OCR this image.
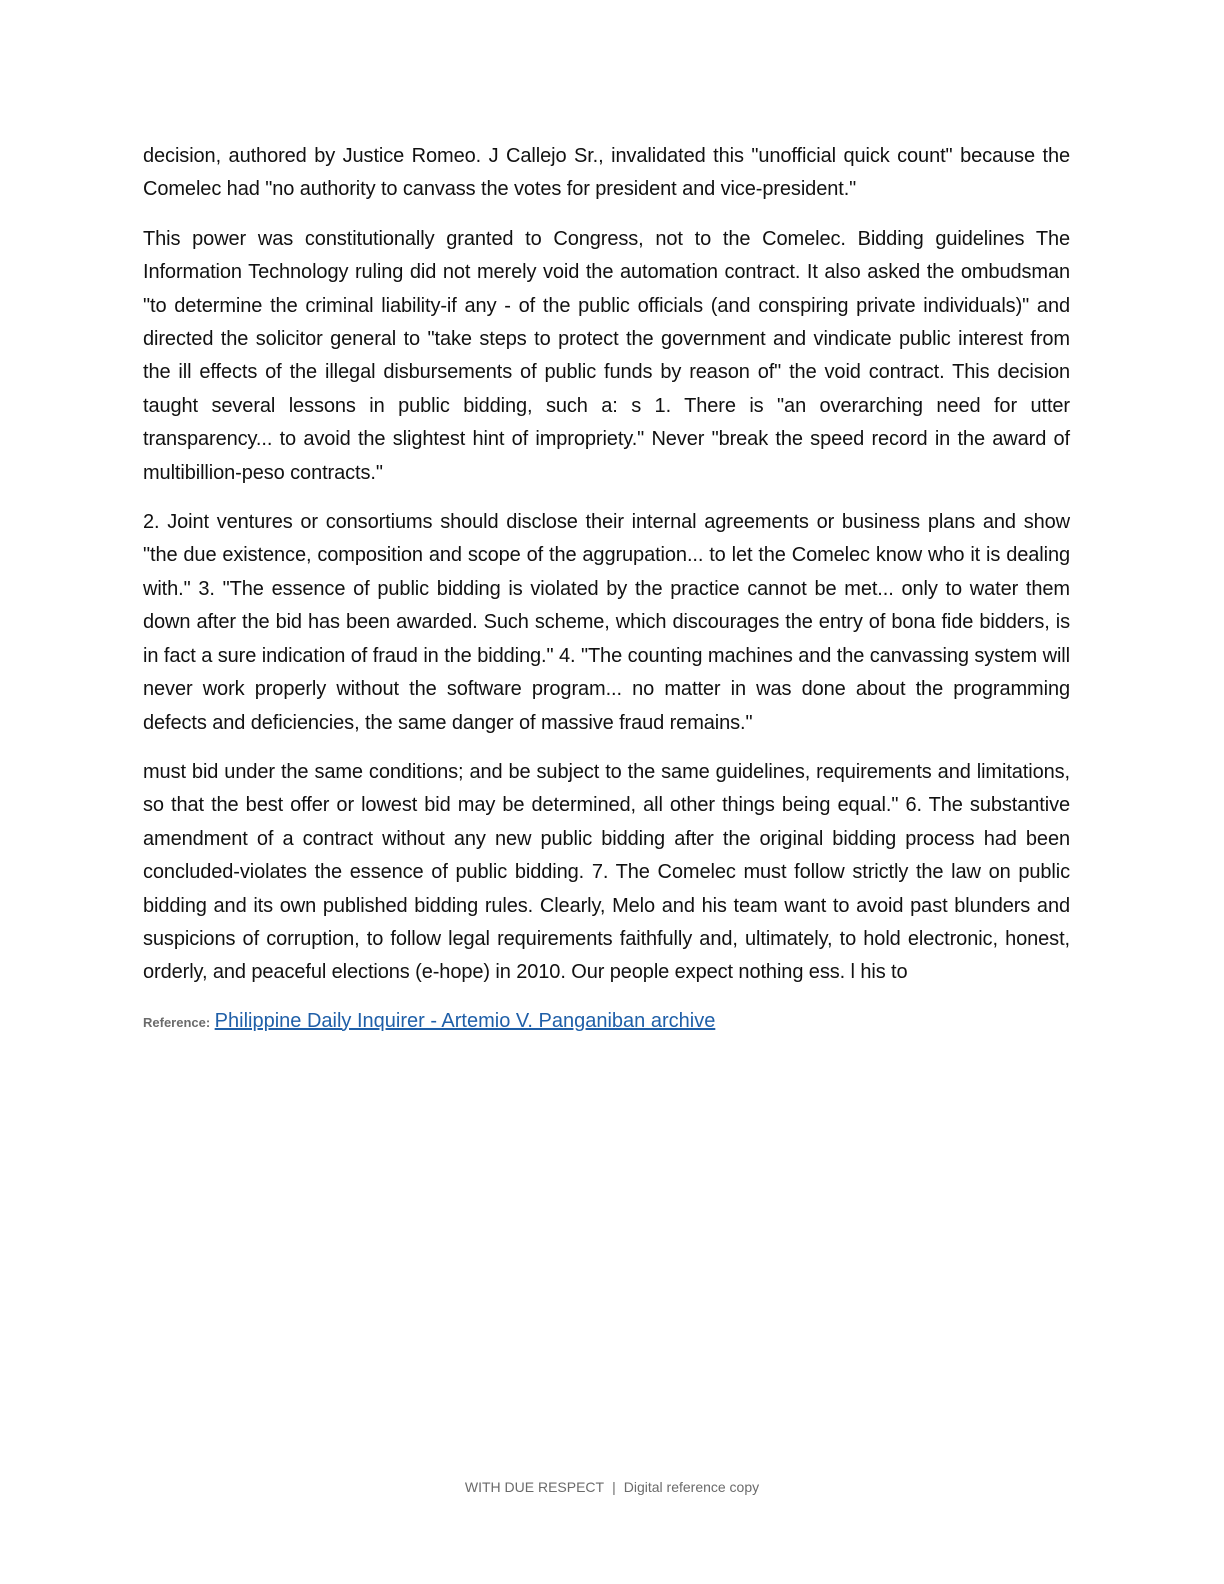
decision, authored by Justice Romeo. J Callejo Sr., invalidated this "unofficial quick count" because the Comelec had "no authority to canvass the votes for president and vice-president."

This power was constitutionally granted to Congress, not to the Comelec. Bidding guidelines The Information Technology ruling did not merely void the automation contract. It also asked the ombudsman "to determine the criminal liability-if any - of the public officials (and conspiring private individuals)" and directed the solicitor general to "take steps to protect the government and vindicate public interest from the ill effects of the illegal disbursements of public funds by reason of" the void contract. This decision taught several lessons in public bidding, such a: s 1. There is "an overarching need for utter transparency... to avoid the slightest hint of impropriety." Never "break the speed record in the award of multibillion-peso contracts."

2. Joint ventures or consortiums should disclose their internal agreements or business plans and show "the due existence, composition and scope of the aggrupation... to let the Comelec know who it is dealing with." 3. "The essence of public bidding is violated by the practice cannot be met... only to water them down after the bid has been awarded. Such scheme, which discourages the entry of bona fide bidders, is in fact a sure indication of fraud in the bidding." 4. "The counting machines and the canvassing system will never work properly without the software program... no matter in was done about the programming defects and deficiencies, the same danger of massive fraud remains."

must bid under the same conditions; and be subject to the same guidelines, requirements and limitations, so that the best offer or lowest bid may be determined, all other things being equal." 6. The substantive amendment of a contract without any new public bidding after the original bidding process had been concluded-violates the essence of public bidding. 7. The Comelec must follow strictly the law on public bidding and its own published bidding rules. Clearly, Melo and his team want to avoid past blunders and suspicions of corruption, to follow legal requirements faithfully and, ultimately, to hold electronic, honest, orderly, and peaceful elections (e-hope) in 2010. Our people expect nothing ess. l his to

Reference: Philippine Daily Inquirer - Artemio V. Panganiban archive
WITH DUE RESPECT | Digital reference copy
